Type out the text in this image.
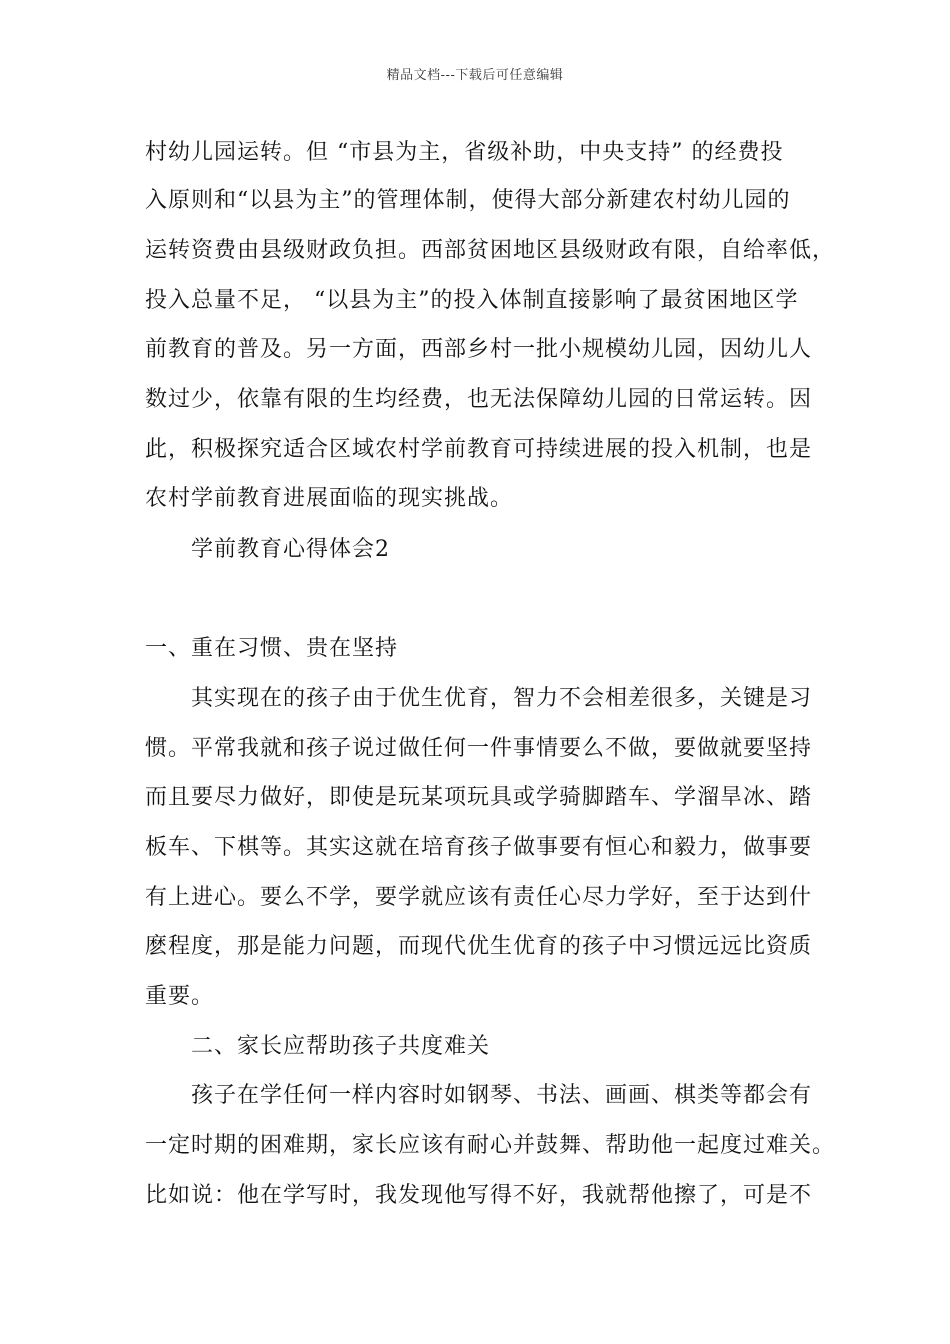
精品文档---下载后可任意编辑
村幼儿园运转。但 “市县为主，省级补助，中央支持” 的经费投
入原则和“以县为主”的管理体制，使得大部分新建农村幼儿园的
运转资费由县级财政负担。西部贫困地区县级财政有限，自给率低，
投入总量不足， “以县为主”的投入体制直接影响了最贫困地区学
前教育的普及。另一方面，西部乡村一批小规模幼儿园，因幼儿人
数过少，依靠有限的生均经费，也无法保障幼儿园的日常运转。因
此，积极探究适合区域农村学前教育可持续进展的投入机制，也是
农村学前教育进展面临的现实挑战。
学前教育心得体会2
一、重在习惯、贵在坚持
其实现在的孩子由于优生优育，智力不会相差很多，关键是习
惯。平常我就和孩子说过做任何一件事情要么不做，要做就要坚持
而且要尽力做好，即使是玩某项玩具或学骑脚踏车、学溜旱冰、踏
板车、下棋等。其实这就在培育孩子做事要有恒心和毅力，做事要
有上进心。要么不学，要学就应该有责任心尽力学好，至于达到什
麽程度，那是能力问题，而现代优生优育的孩子中习惯远远比资质
重要。
二、家长应帮助孩子共度难关
孩子在学任何一样内容时如钢琴、书法、画画、棋类等都会有
一定时期的困难期，家长应该有耐心并鼓舞、帮助他一起度过难关。
比如说：他在学写时，我发现他写得不好，我就帮他擦了，可是不
